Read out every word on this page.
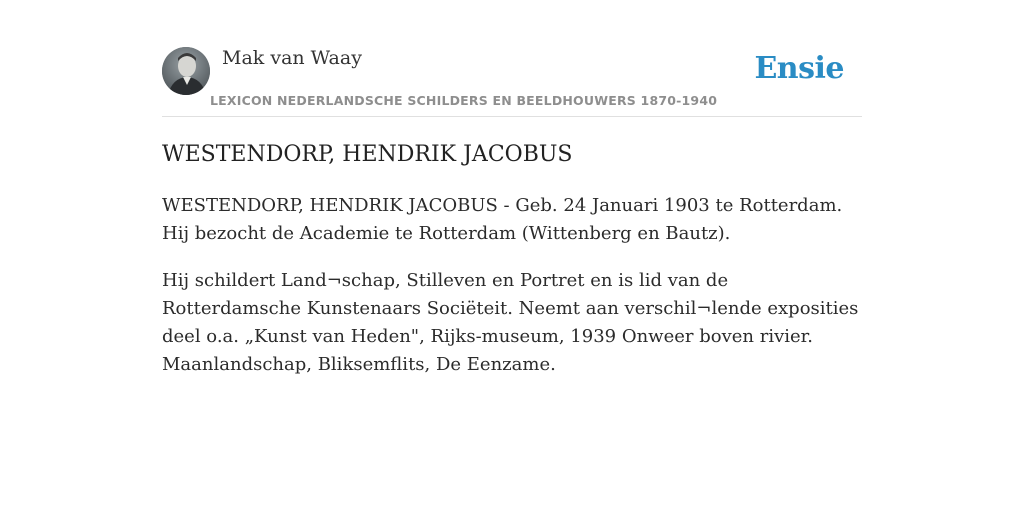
Mak van Waay
LEXICON NEDERLANDSCHE SCHILDERS EN BEELDHOUWERS 1870-1940
Ensie
WESTENDORP, HENDRIK JACOBUS

WESTENDORP, HENDRIK JACOBUS - Geb. 24 Januari 1903 te Rotterdam. Hij bezocht de Academie te Rotterdam (Wittenberg en Bautz).

Hij schildert Land¬schap, Stilleven en Portret en is lid van de Rotterdamsche Kunstenaars Sociëteit. Neemt aan verschil¬lende exposities deel o.a. „Kunst van Heden", Rijks-museum, 1939 Onweer boven rivier. Maanlandschap, Bliksemflits, De Eenzame.
